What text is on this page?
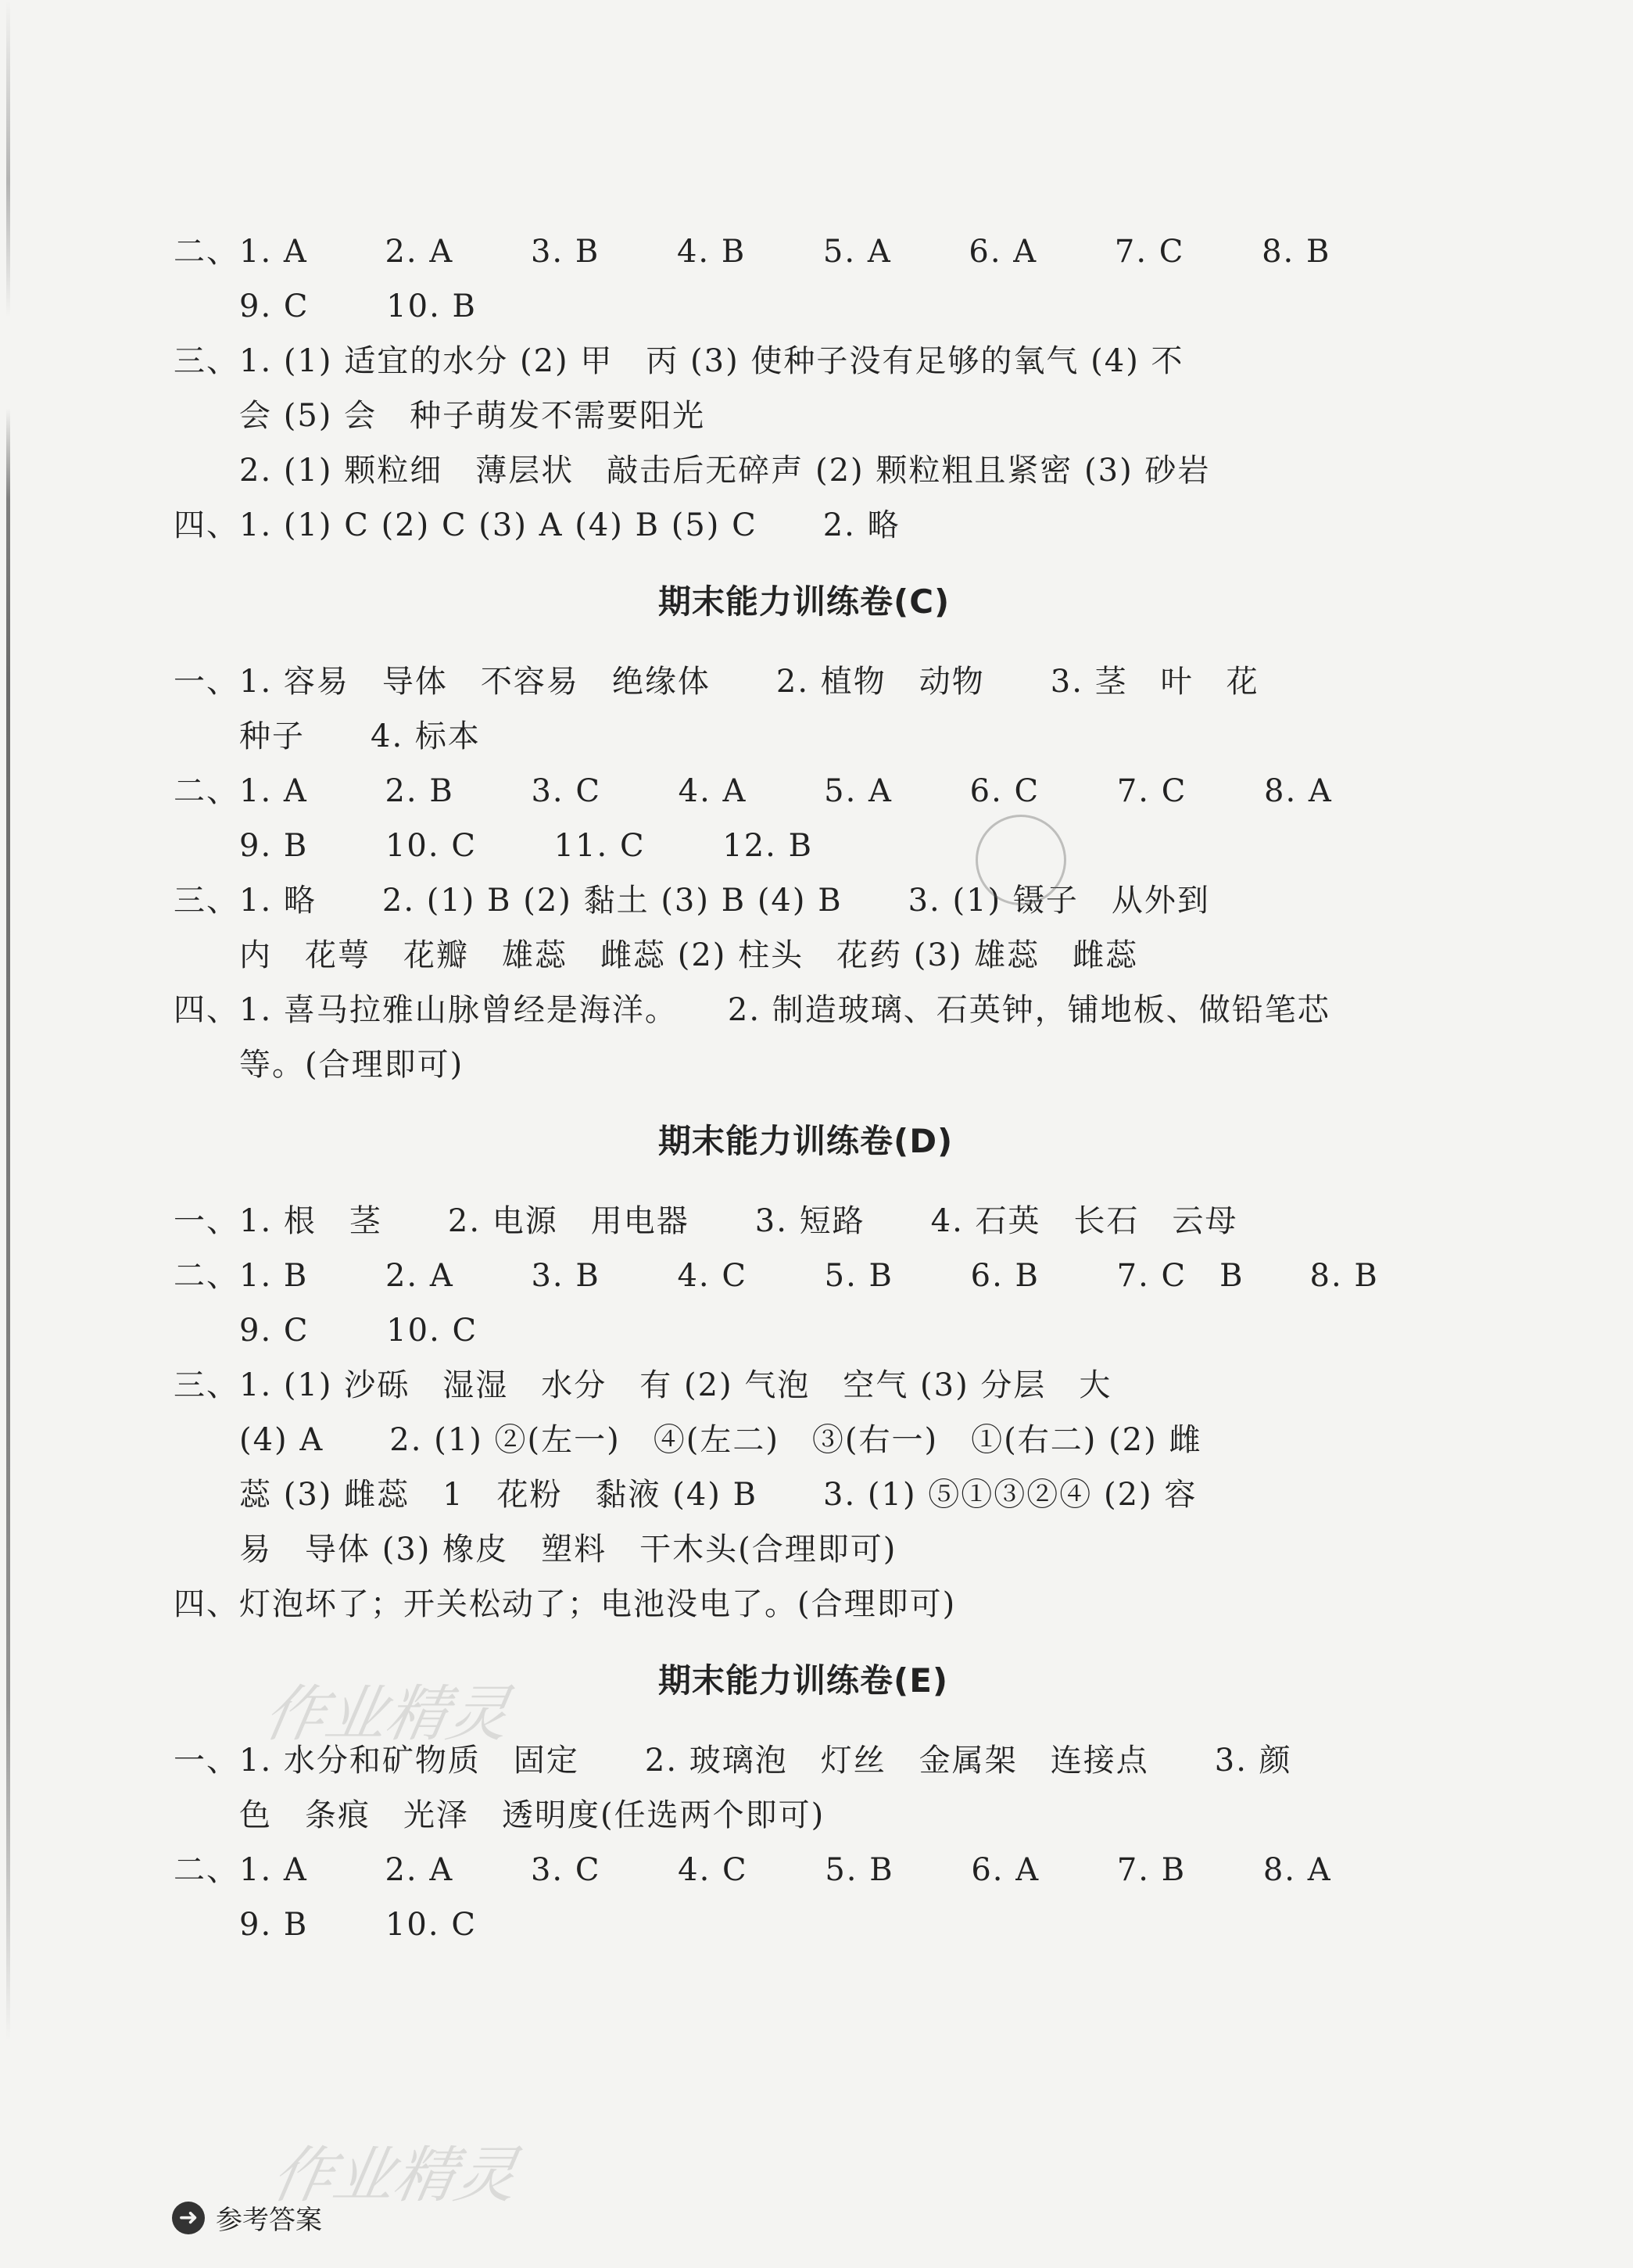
二、1. A　　 2. A　　 3. B　　 4. B　　 5. A　　 6. A　　 7. C　　 8. B
　　9. C　　 10. B
三、1. (1) 适宜的水分 (2) 甲　丙 (3) 使种子没有足够的氧气 (4) 不
　　会 (5) 会　种子萌发不需要阳光
　　2. (1) 颗粒细　薄层状　敲击后无碎声 (2) 颗粒粗且紧密 (3) 砂岩
四、1. (1) C (2) C (3) A (4) B (5) C　　2. 略
期末能力训练卷(C)
一、1. 容易　导体　不容易　绝缘体　　2. 植物　动物　　3. 茎　叶　花
　　种子　　4. 标本
二、1. A　　 2. B　　 3. C　　 4. A　　 5. A　　 6. C　　 7. C　　 8. A
　　9. B　　 10. C　　 11. C　　 12. B
三、1. 略　　2. (1) B (2) 黏土 (3) B (4) B　　3. (1) 镊子　从外到
　　内　花萼　花瓣　雄蕊　雌蕊 (2) 柱头　花药 (3) 雄蕊　雌蕊
四、1. 喜马拉雅山脉曾经是海洋。　　2. 制造玻璃、石英钟，铺地板、做铅笔芯
　　等。(合理即可)
期末能力训练卷(D)
一、1. 根　茎　　2. 电源　用电器　　3. 短路　　4. 石英　长石　云母
二、1. B　　 2. A　　 3. B　　 4. C　　 5. B　　 6. B　　 7. C　B　　8. B
　　9. C　　 10. C
三、1. (1) 沙砾　湿湿　水分　有 (2) 气泡　空气 (3) 分层　大
　　(4) A　　2. (1) ②(左一)　④(左二)　③(右一)　①(右二) (2) 雌
　　蕊 (3) 雌蕊　1　花粉　黏液 (4) B　　3. (1) ⑤①③②④ (2) 容
　　易　导体 (3) 橡皮　塑料　干木头(合理即可)
四、灯泡坏了；开关松动了；电池没电了。(合理即可)
期末能力训练卷(E)
作业精灵
一、1. 水分和矿物质　固定　　2. 玻璃泡　灯丝　金属架　连接点　　3. 颜
　　色　条痕　光泽　透明度(任选两个即可)
二、1. A　　 2. A　　 3. C　　 4. C　　 5. B　　 6. A　　 7. B　　 8. A
　　9. B　　 10. C
作业精灵
➜ 参考答案
